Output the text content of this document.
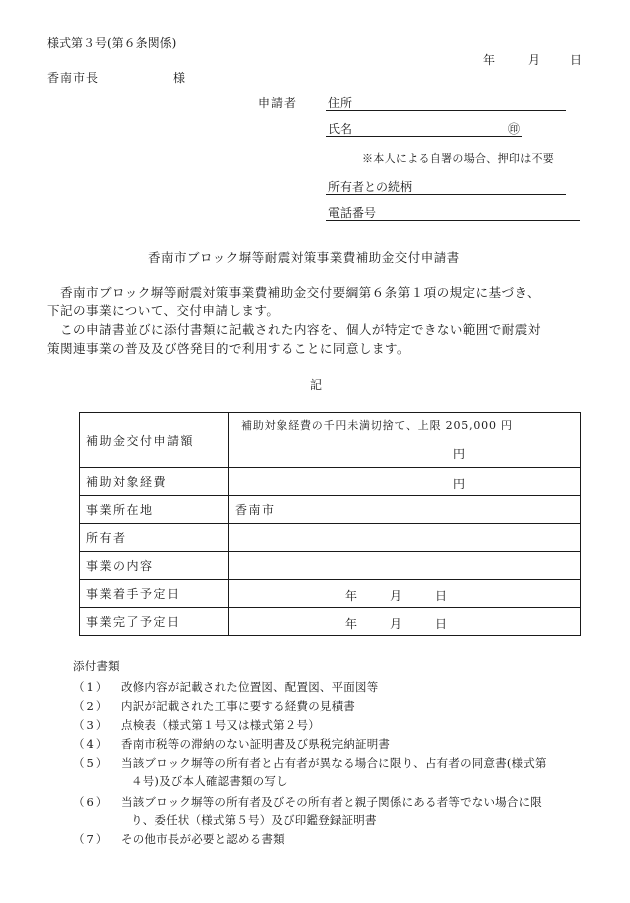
様式第３号(第６条関係)
年	月 日
香南市長	様
申請者	住所
氏名	㊞
※本人による自署の場合、押印は不要
所有者との続柄
電話番号
香南市ブロック塀等耐震対策事業費補助金交付申請書
香南市ブロック塀等耐震対策事業費補助金交付要綱第６条第１項の規定に基づき、
下記の事業について、交付申請します。
この申請書並びに添付書類に記載された内容を、個人が特定できない範囲で耐震対
策関連事業の普及及び啓発目的で利用することに同意します。
記
補助金交付申請額	補助対象経費の千円未満切捨て、上限 205,000 円
円

補助対象経費	円

事業所在地	香南市
所有者	
事業の内容	
事業着手予定日	年 月 日

事業完了予定日	年 月 日
添付書類
（1） 改修内容が記載された位置図、配置図、平面図等
（2） 内訳が記載された工事に要する経費の見積書
（3） 点検表（様式第１号又は様式第２号）
（4） 香南市税等の滞納のない証明書及び県税完納証明書
（5） 当該ブロック塀等の所有者と占有者が異なる場合に限り、占有者の同意書(様式第
４号)及び本人確認書類の写し
（6） 当該ブロック塀等の所有者及びその所有者と親子関係にある者等でない場合に限
り、委任状（様式第５号）及び印鑑登録証明書
（7） その他市長が必要と認める書類
